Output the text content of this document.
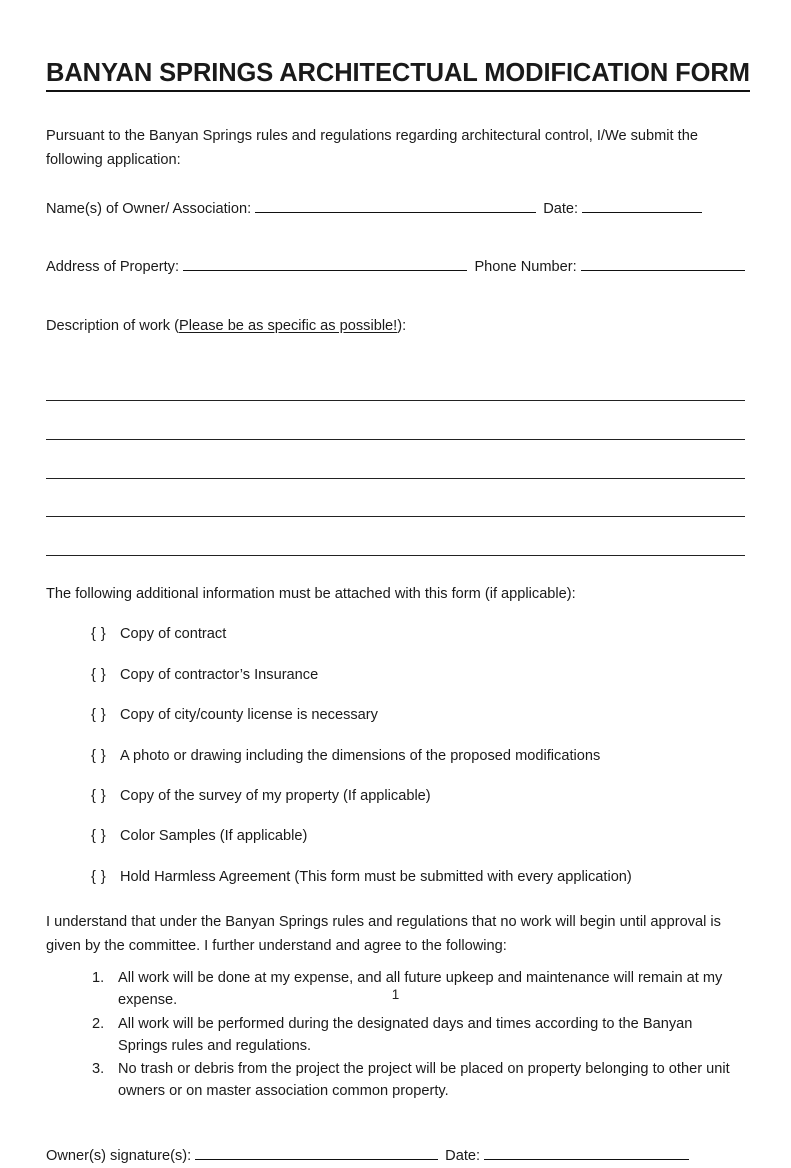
BANYAN SPRINGS ARCHITECTUAL MODIFICATION FORM

Pursuant to the Banyan Springs rules and regulations regarding architectural control, I/We submit the following application:

Name(s) of Owner/ Association:	Date:
Address of Property:	Phone Number:

Description of work (Please be as specific as possible!):

The following additional information must be attached with this form (if applicable):

{ } Copy of contract
{ } Copy of contractor’s Insurance
{ } Copy of city/county license is necessary
{ } A photo or drawing including the dimensions of the proposed modifications
{ } Copy of the survey of my property (If applicable)
{ } Color Samples (If applicable)
{ } Hold Harmless Agreement (This form must be submitted with every application)

I understand that under the Banyan Springs rules and regulations that no work will begin until approval is given by the committee. I further understand and agree to the following:

1. All work will be done at my expense, and all future upkeep and maintenance will remain at my expense.
2. All work will be performed during the designated days and times according to the Banyan Springs rules and regulations.
3. No trash or debris from the project the project will be placed on property belonging to other unit owners or on master association common property.
Owner(s) signature(s):	Date:
1
